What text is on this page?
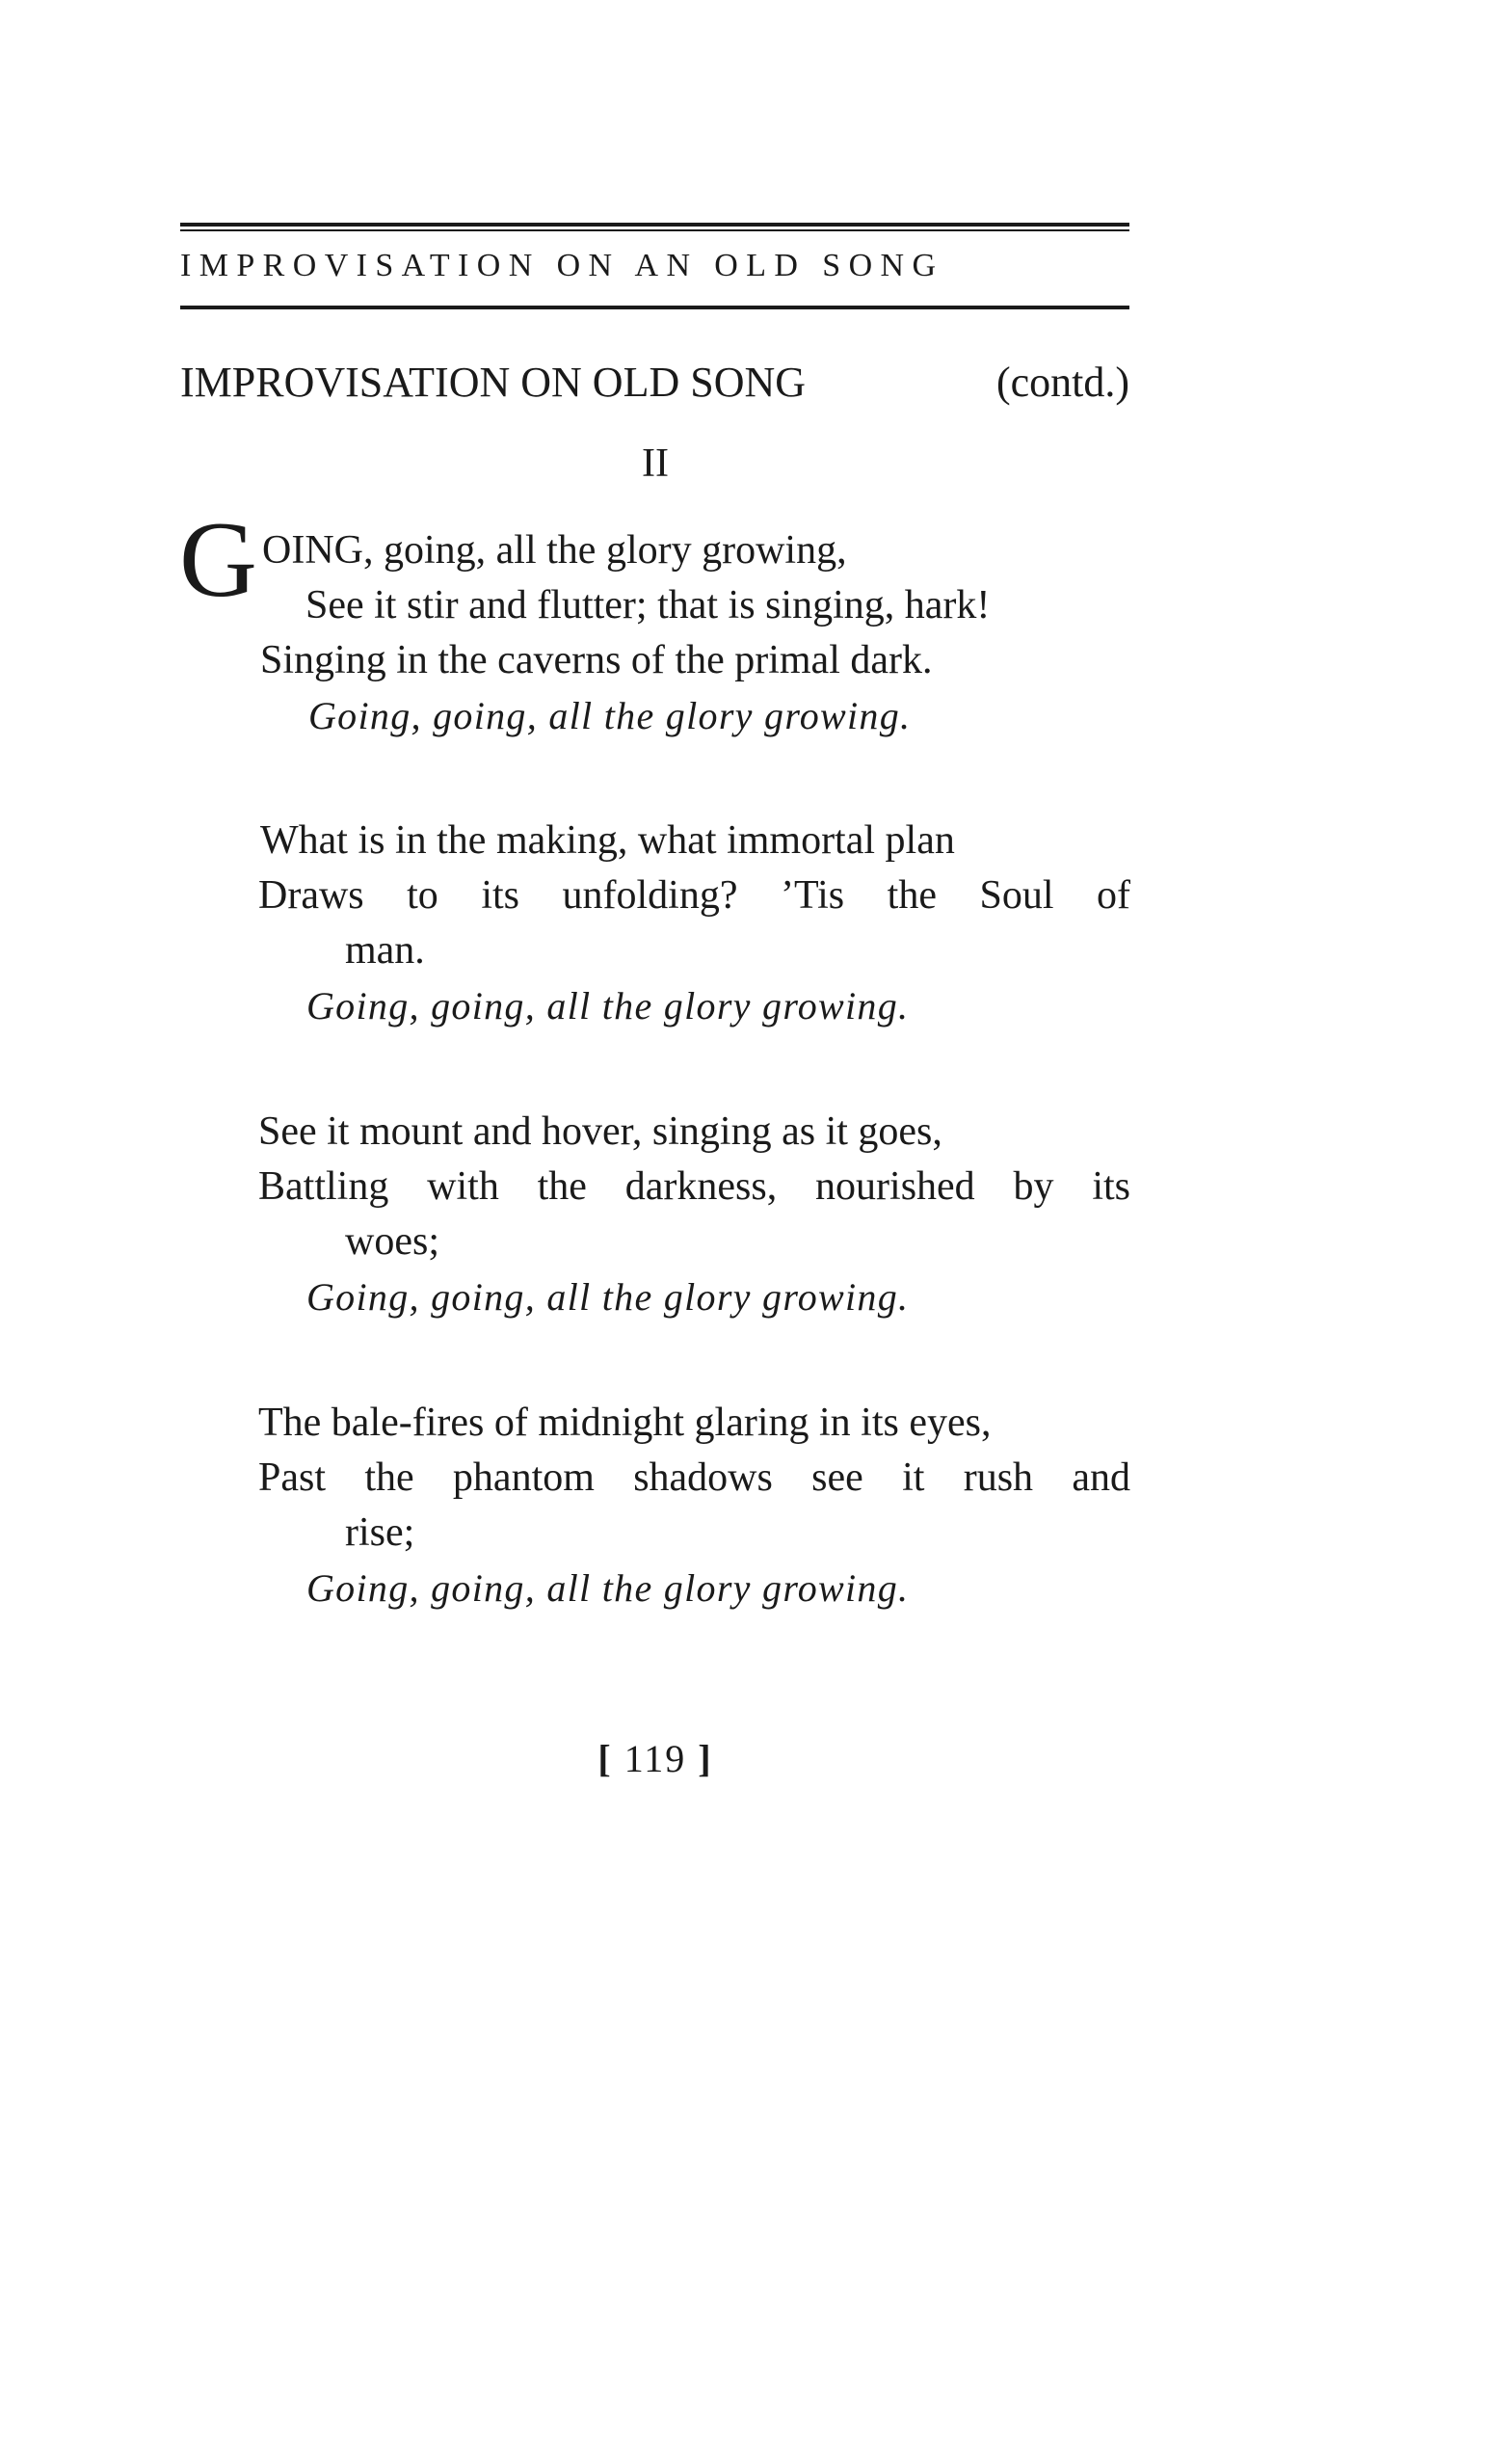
IMPROVISATION ON AN OLD SONG
IMPROVISATION ON OLD SONG	(contd.)
II
G OING, going, all the glory growing,
See it stir and flutter; that is singing, hark!
Singing in the caverns of the primal dark.
Going, going, all the glory growing.
What is in the making, what immortal plan
Draws to its unfolding? ’Tis the Soul of
man.
Going, going, all the glory growing.
See it mount and hover, singing as it goes,
Battling with the darkness, nourished by its
woes;
Going, going, all the glory growing.
The bale-fires of midnight glaring in its eyes,
Past the phantom shadows see it rush and
rise;
Going, going, all the glory growing.
[ 119 ]
